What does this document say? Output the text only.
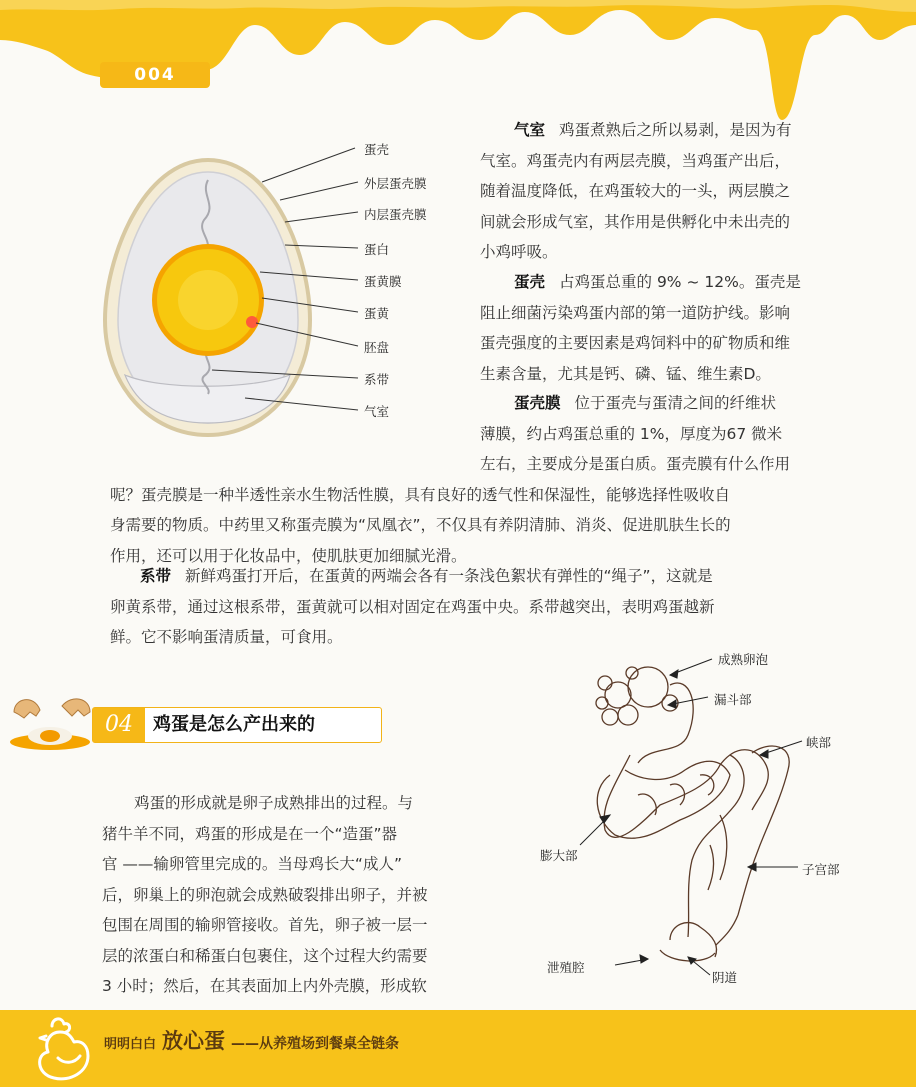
004
蛋壳
外层蛋壳膜
内层蛋壳膜
蛋白
蛋黄膜
蛋黄
胚盘
系带
气室
气室 鸡蛋煮熟后之所以易剥，是因为有
气室。鸡蛋壳内有两层壳膜，当鸡蛋产出后，
随着温度降低，在鸡蛋较大的一头，两层膜之
间就会形成气室，其作用是供孵化中未出壳的
小鸡呼吸。
蛋壳 占鸡蛋总重的 9% ~ 12%。蛋壳是
阻止细菌污染鸡蛋内部的第一道防护线。影响
蛋壳强度的主要因素是鸡饲料中的矿物质和维
生素含量，尤其是钙、磷、锰、维生素D。
蛋壳膜 位于蛋壳与蛋清之间的纤维状
薄膜，约占鸡蛋总重的 1%，厚度为67 微米
左右，主要成分是蛋白质。蛋壳膜有什么作用
呢？蛋壳膜是一种半透性亲水生物活性膜，具有良好的透气性和保湿性，能够选择性吸收自
身需要的物质。中药里又称蛋壳膜为“凤凰衣”，不仅具有养阴清肺、消炎、促进肌肤生长的
作用，还可以用于化妆品中，使肌肤更加细腻光滑。
系带 新鲜鸡蛋打开后，在蛋黄的两端会各有一条浅色絮状有弹性的“绳子”，这就是
卵黄系带，通过这根系带，蛋黄就可以相对固定在鸡蛋中央。系带越突出，表明鸡蛋越新
鲜。它不影响蛋清质量，可食用。
04	鸡蛋是怎么产出来的
鸡蛋的形成就是卵子成熟排出的过程。与
猪牛羊不同，鸡蛋的形成是在一个“造蛋”器
官 ——输卵管里完成的。当母鸡长大“成人”
后，卵巢上的卵泡就会成熟破裂排出卵子，并被
包围在周围的输卵管接收。首先，卵子被一层一
层的浓蛋白和稀蛋白包裹住，这个过程大约需要
3 小时；然后，在其表面加上内外壳膜，形成软
成熟卵泡
漏斗部
峡部
膨大部
子宫部
泄殖腔
阴道
明明白白 放心蛋 ——从养殖场到餐桌全链条
